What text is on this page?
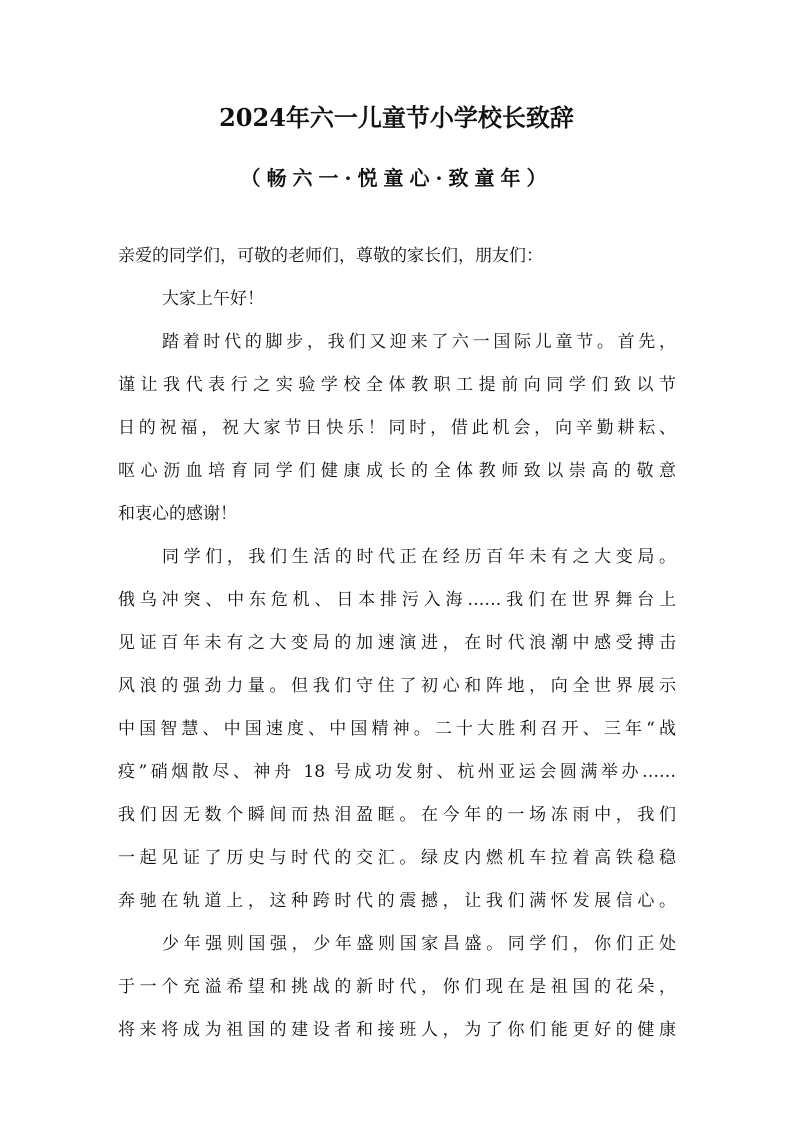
2024年六一儿童节小学校长致辞
（畅六一·悦童心·致童年）
亲爱的同学们，可敬的老师们，尊敬的家长们，朋友们：
大家上午好！
踏着时代的脚步，我们又迎来了六一国际儿童节。首先，
谨让我代表行之实验学校全体教职工提前向同学们致以节
日的祝福，祝大家节日快乐！同时，借此机会，向辛勤耕耘、
呕心沥血培育同学们健康成长的全体教师致以崇高的敬意
和衷心的感谢！
同学们，我们生活的时代正在经历百年未有之大变局。
俄乌冲突、中东危机、日本排污入海……我们在世界舞台上
见证百年未有之大变局的加速演进，在时代浪潮中感受搏击
风浪的强劲力量。但我们守住了初心和阵地，向全世界展示
中国智慧、中国速度、中国精神。二十大胜利召开、三年“战
疫”硝烟散尽、神舟 18 号成功发射、杭州亚运会圆满举办……
我们因无数个瞬间而热泪盈眶。在今年的一场冻雨中，我们
一起见证了历史与时代的交汇。绿皮内燃机车拉着高铁稳稳
奔驰在轨道上，这种跨时代的震撼，让我们满怀发展信心。
少年强则国强，少年盛则国家昌盛。同学们，你们正处
于一个充溢希望和挑战的新时代，你们现在是祖国的花朵，
将来将成为祖国的建设者和接班人，为了你们能更好的健康
